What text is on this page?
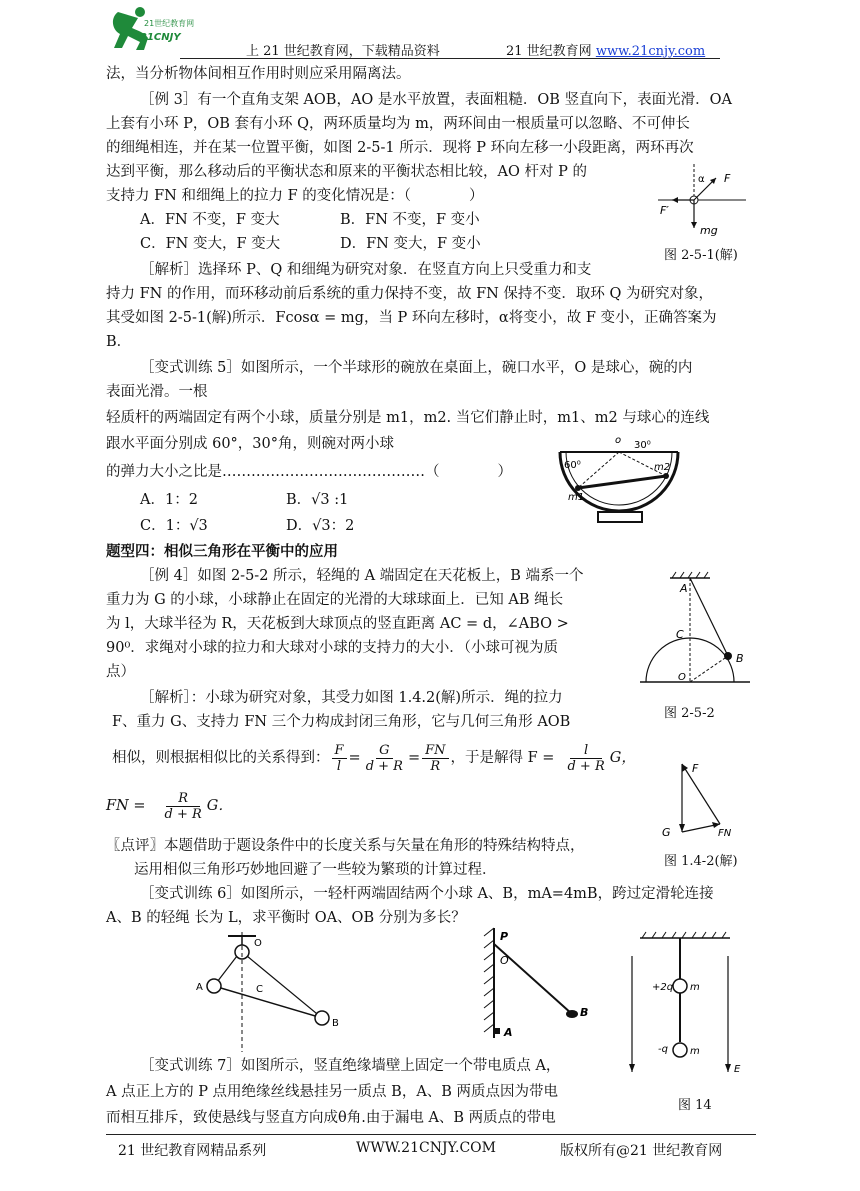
21世纪教育网
21CNJY
上 21 世纪教育网，下载精品资料	21 世纪教育网 www.21cnjy.com
法，当分析物体间相互作用时则应采用隔离法。
［例 3］有一个直角支架 AOB，AO 是水平放置，表面粗糙．OB 竖直向下，表面光滑．OA
上套有小环 P，OB 套有小环 Q，两环质量均为 m，两环间由一根质量可以忽略、不可伸长
的细绳相连，并在某一位置平衡，如图 2-5-1 所示．现将 P 环向左移一小段距离，两环再次
达到平衡，那么移动后的平衡状态和原来的平衡状态相比较，AO 杆对 P 的
支持力 FN 和细绳上的拉力 F 的变化情况是：（　　　　）
A．FN 不变，F 变大	B．FN 不变，F 变小
C．FN 变大，F 变大	D．FN 变大，F 变小
α F
F′
mg
图 2-5-1(解)
［解析］选择环 P、Q 和细绳为研究对象．在竖直方向上只受重力和支
持力 FN 的作用，而环移动前后系统的重力保持不变，故 FN 保持不变．取环 Q 为研究对象，
其受如图 2-5-1(解)所示．Fcosα = mg，当 P 环向左移时，α将变小，故 F 变小，正确答案为
B．
［变式训练 5］如图所示，一个半球形的碗放在桌面上，碗口水平，O 是球心，碗的内
表面光滑。一根
轻质杆的两端固定有两个小球，质量分别是 m1，m2. 当它们静止时，m1、m2 与球心的连线
跟水平面分别成 60°，30°角，则碗对两小球
的弹力大小之比是……………………………………（　　　　）
A．1：2	B．√3 :1
C．1：√3	D．√3：2
o 30⁰
60⁰
m1
m2
题型四：相似三角形在平衡中的应用
［例 4］如图 2-5-2 所示，轻绳的 A 端固定在天花板上，B 端系一个
重力为 G 的小球，小球静止在固定的光滑的大球球面上．已知 AB 绳长
为 l，大球半径为 R，天花板到大球顶点的竖直距离 AC = d，∠ABO >
90⁰．求绳对小球的拉力和大球对小球的支持力的大小．（小球可视为质
点）
A
C
B
O
图 2-5-2
［解析］：小球为研究对象，其受力如图 1.4.2(解)所示．绳的拉力
F、重力 G、支持力 FN 三个力构成封闭三角形，它与几何三角形 AOB
相似，则根据相似比的关系得到： $\frac{F}{l} = \frac{G}{d + R} = \frac{FN}{R}$ ，于是解得 $F = \frac{l}{d + R}$ G，
FN = $\frac{R}{d + R}$ G．
F
G	FN
图 1.4-2(解)
〖点评〗本题借助于题设条件中的长度关系与矢量在角形的特殊结构特点，
运用相似三角形巧妙地回避了一些较为繁琐的计算过程．
［变式训练 6］如图所示，一轻杆两端固结两个小球 A、B，mA=4mB，跨过定滑轮连接
A、B 的轻绳 长为 L，求平衡时 OA、OB 分别为多长？
O
A	C
B
P
O
A
B
+2q m
-q m
E
图 14
［变式训练 7］如图所示，竖直绝缘墙壁上固定一个带电质点 A，
A 点正上方的 P 点用绝缘丝线悬挂另一质点 B，A、B 两质点因为带电
而相互排斥，致使悬线与竖直方向成θ角.由于漏电 A、B 两质点的带电
21 世纪教育网精品系列	WWW.21CNJY.COM	版权所有@21 世纪教育网
